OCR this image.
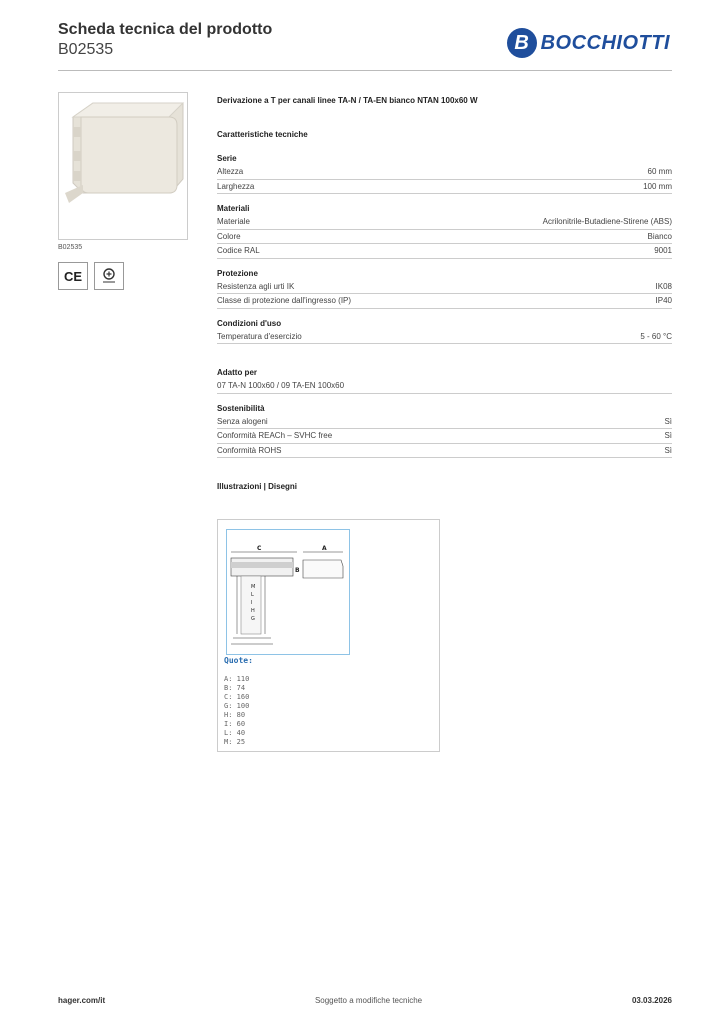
Scheda tecnica del prodotto
B02535	B BOCCHIOTTI
B02535
CE
Derivazione a T per canali linee TA-N / TA-EN bianco NTAN 100x60 W
Caratteristiche tecniche
Serie
Altezza	60 mm
Larghezza	100 mm
Materiali
Materiale	Acrilonitrile-Butadiene-Stirene (ABS)
Colore	Bianco
Codice RAL	9001
Protezione
Resistenza agli urti IK	IK08
Classe di protezione dall'ingresso (IP)	IP40
Condizioni d'uso
Temperatura d'esercizio	5 - 60 °C
Adatto per
07 TA-N 100x60 / 09 TA-EN 100x60
Sostenibilità
Senza alogeni	Sì
Conformità REACh – SVHC free	Sì
Conformità ROHS	Sì
Illustrazioni | Disegni
C	A
B
M
L
I
H
G
Quote:
A: 110
B: 74
C: 160
G: 100
H: 80
I: 60
L: 40
M: 25
hager.com/it	Soggetto a modifiche tecniche	03.03.2026
